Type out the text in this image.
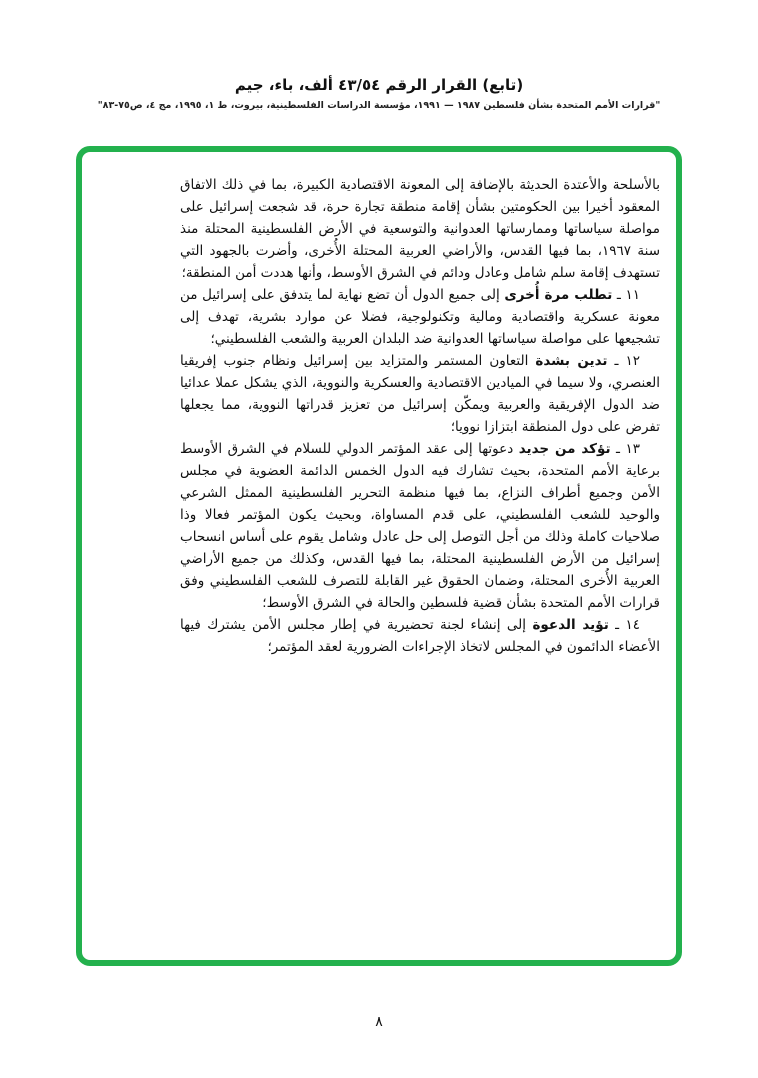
(تابع) القرار الرقم ٤٣/٥٤ ألف، باء، جيم
"قرارات الأمم المتحدة بشأن فلسطين ١٩٨٧ — ١٩٩١، مؤسسة الدراسات الفلسطينية، بيروت، ط ١، ١٩٩٥، مج ٤، ص٧٥-٨٣"

بالأسلحة والأعتدة الحديثة بالإضافة إلى المعونة الاقتصادية الكبيرة، بما في ذلك الاتفاق المعقود أخيرا بين الحكومتين بشأن إقامة منطقة تجارة حرة، قد شجعت إسرائيل على مواصلة سياساتها وممارساتها العدوانية والتوسعية في الأرض الفلسطينية المحتلة منذ سنة ١٩٦٧، بما فيها القدس، والأراضي العربية المحتلة الأُخرى، وأضرت بالجهود التي تستهدف إقامة سلم شامل وعادل ودائم في الشرق الأوسط، وأنها هددت أمن المنطقة؛

١١ ـ تطلب مرة أُخرى إلى جميع الدول أن تضع نهاية لما يتدفق على إسرائيل من معونة عسكرية واقتصادية ومالية وتكنولوجية، فضلا عن موارد بشرية، تهدف إلى تشجيعها على مواصلة سياساتها العدوانية ضد البلدان العربية والشعب الفلسطيني؛

١٢ ـ تدين بشدة التعاون المستمر والمتزايد بين إسرائيل ونظام جنوب إفريقيا العنصري، ولا سيما في الميادين الاقتصادية والعسكرية والنووية، الذي يشكل عملا عدائيا ضد الدول الإفريقية والعربية ويمكّن إسرائيل من تعزيز قدراتها النووية، مما يجعلها تفرض على دول المنطقة ابتزازا نوويا؛

١٣ ـ تؤكد من جديد دعوتها إلى عقد المؤتمر الدولي للسلام في الشرق الأوسط برعاية الأمم المتحدة، بحيث تشارك فيه الدول الخمس الدائمة العضوية في مجلس الأمن وجميع أطراف النزاع، بما فيها منظمة التحرير الفلسطينية الممثل الشرعي والوحيد للشعب الفلسطيني، على قدم المساواة، وبحيث يكون المؤتمر فعالا وذا صلاحيات كاملة وذلك من أجل التوصل إلى حل عادل وشامل يقوم على أساس انسحاب إسرائيل من الأرض الفلسطينية المحتلة، بما فيها القدس، وكذلك من جميع الأراضي العربية الأُخرى المحتلة، وضمان الحقوق غير القابلة للتصرف للشعب الفلسطيني وفق قرارات الأمم المتحدة بشأن قضية فلسطين والحالة في الشرق الأوسط؛

١٤ ـ تؤيد الدعوة إلى إنشاء لجنة تحضيرية في إطار مجلس الأمن يشترك فيها الأعضاء الدائمون في المجلس لاتخاذ الإجراءات الضرورية لعقد المؤتمر؛

٨
